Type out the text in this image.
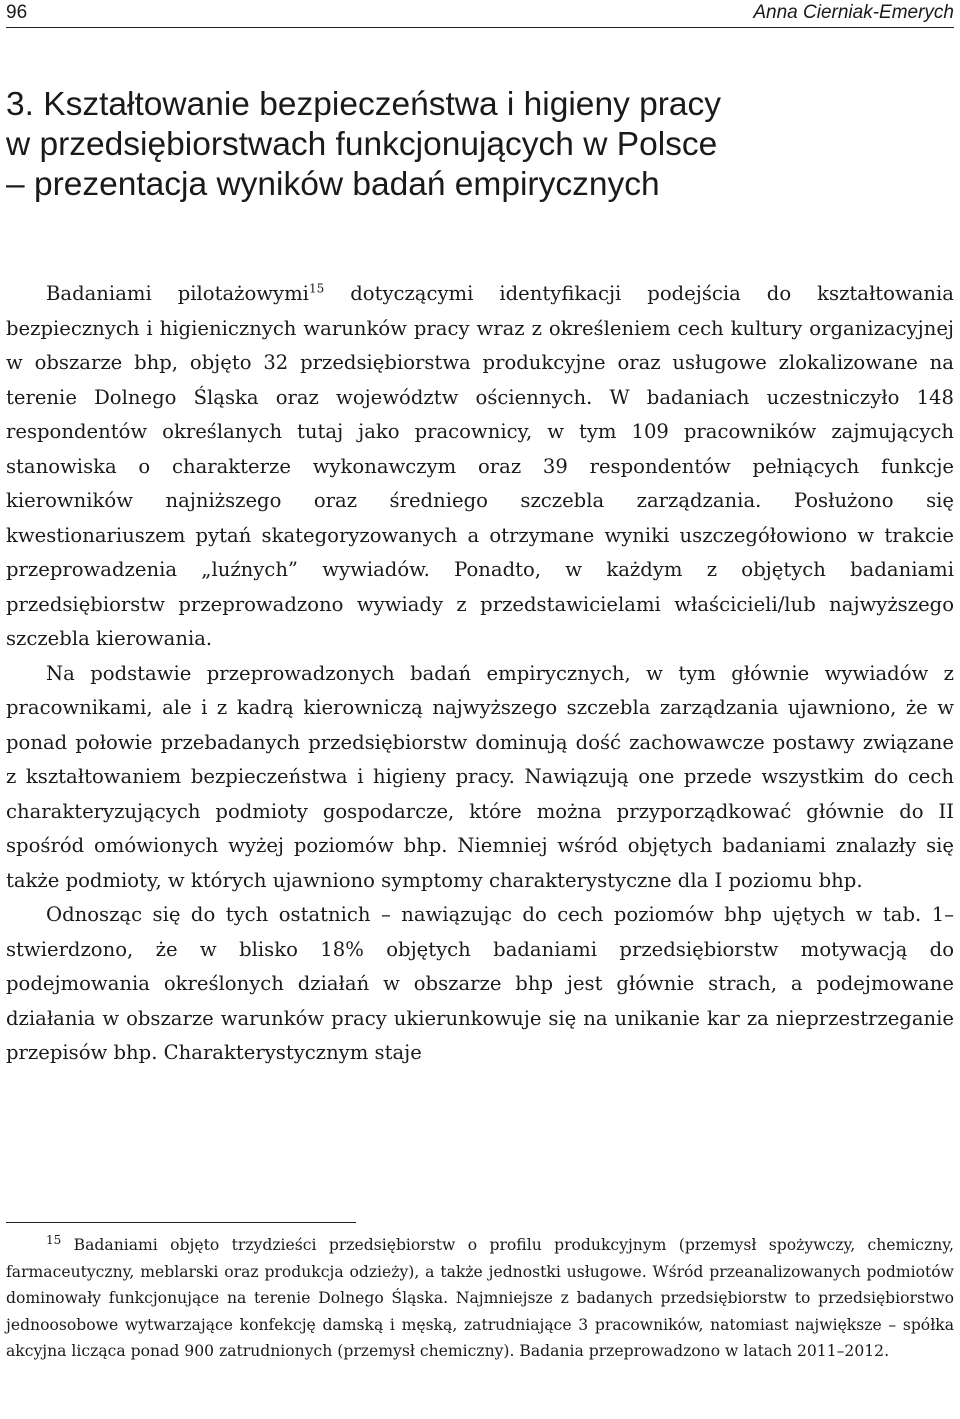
96	Anna Cierniak-Emerych
3. Kształtowanie bezpieczeństwa i higieny pracy
w przedsiębiorstwach funkcjonujących w Polsce
– prezentacja wyników badań empirycznych

Badaniami pilotażowymi$^{15}$ dotyczącymi identyfikacji podejścia do kształtowania bezpiecznych i higienicznych warunków pracy wraz z określeniem cech kultury organizacyjnej w obszarze bhp, objęto 32 przedsiębiorstwa produkcyjne oraz usługowe zlokalizowane na terenie Dolnego Śląska oraz województw ościennych. W badaniach uczestniczyło 148 respondentów określanych tutaj jako pracownicy, w tym 109 pracowników zajmujących stanowiska o charakterze wykonawczym oraz 39 respondentów pełniących funkcje kierowników najniższego oraz średniego szczebla zarządzania. Posłużono się kwestionariuszem pytań skategoryzowanych a otrzymane wyniki uszczegółowiono w trakcie przeprowadzenia „luźnych” wywiadów. Ponadto, w każdym z objętych badaniami przedsiębiorstw przeprowadzono wywiady z przedstawicielami właścicieli/lub najwyższego szczebla kierowania.

Na podstawie przeprowadzonych badań empirycznych, w tym głównie wywiadów z pracownikami, ale i z kadrą kierowniczą najwyższego szczebla zarządzania ujawniono, że w ponad połowie przebadanych przedsiębiorstw dominują dość zachowawcze postawy związane z kształtowaniem bezpieczeństwa i higieny pracy. Nawiązują one przede wszystkim do cech charakteryzujących podmioty gospodarcze, które można przyporządkować głównie do II spośród omówionych wyżej poziomów bhp. Niemniej wśród objętych badaniami znalazły się także podmioty, w których ujawniono symptomy charakterystyczne dla I poziomu bhp.

Odnosząc się do tych ostatnich – nawiązując do cech poziomów bhp ujętych w tab. 1– stwierdzono, że w blisko 18% objętych badaniami przedsiębiorstw motywacją do podejmowania określonych działań w obszarze bhp jest głównie strach, a podejmowane działania w obszarze warunków pracy ukierunkowuje się na unikanie kar za nieprzestrzeganie przepisów bhp. Charakterystycznym staje

$^{15}$ Badaniami objęto trzydzieści przedsiębiorstw o profilu produkcyjnym (przemysł spożywczy, chemiczny, farmaceutyczny, meblarski oraz produkcja odzieży), a także jednostki usługowe. Wśród przeanalizowanych podmiotów dominowały funkcjonujące na terenie Dolnego Śląska. Najmniejsze z badanych przedsiębiorstw to przedsiębiorstwo jednoosobowe wytwarzające konfekcję damską i męską, zatrudniające 3 pracowników, natomiast największe – spółka akcyjna licząca ponad 900 zatrudnionych (przemysł chemiczny). Badania przeprowadzono w latach 2011–2012.
